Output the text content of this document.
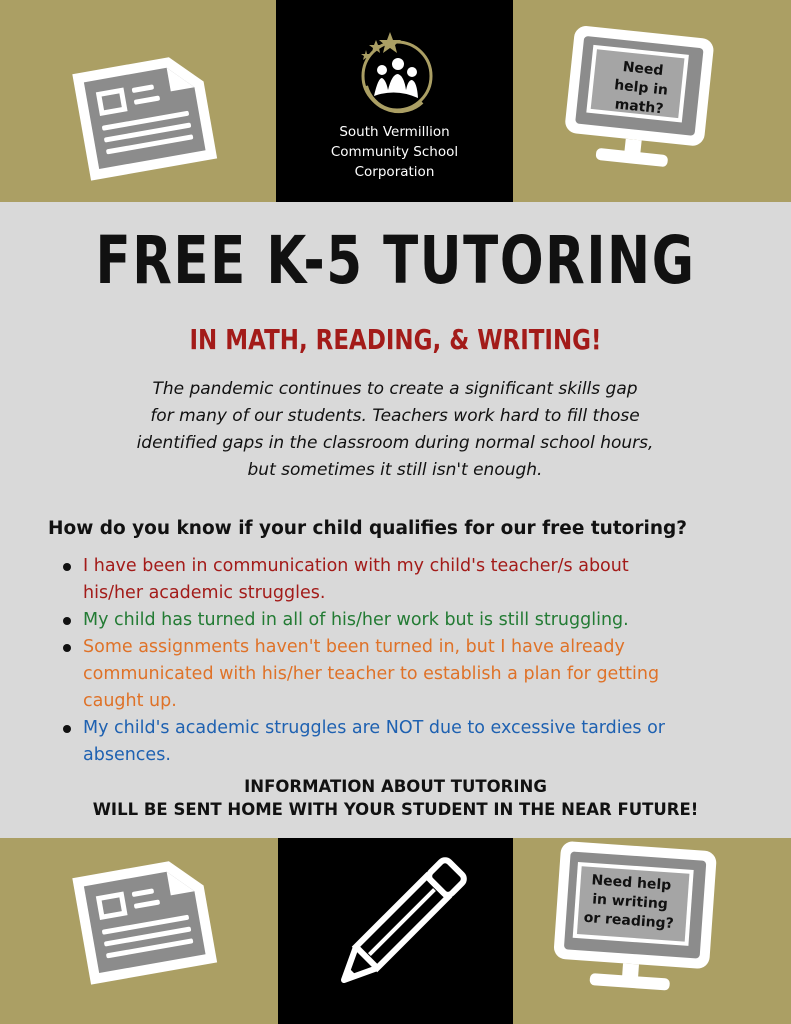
South Vermillion
Community School
Corporation
Need
help in
math?
FREE K-5 TUTORING
IN MATH, READING, & WRITING!
The pandemic continues to create a significant skills gap
for many of our students. Teachers work hard to fill those
identified gaps in the classroom during normal school hours,
but sometimes it still isn't enough.
How do you know if your child qualifies for our free tutoring?
I have been in communication with my child's teacher/s about
his/her academic struggles.
My child has turned in all of his/her work but is still struggling.
Some assignments haven't been turned in, but I have already
communicated with his/her teacher to establish a plan for getting
caught up.
My child's academic struggles are NOT due to excessive tardies or
absences.
INFORMATION ABOUT TUTORING
WILL BE SENT HOME WITH YOUR STUDENT IN THE NEAR FUTURE!
Need help
in writing
or reading?
